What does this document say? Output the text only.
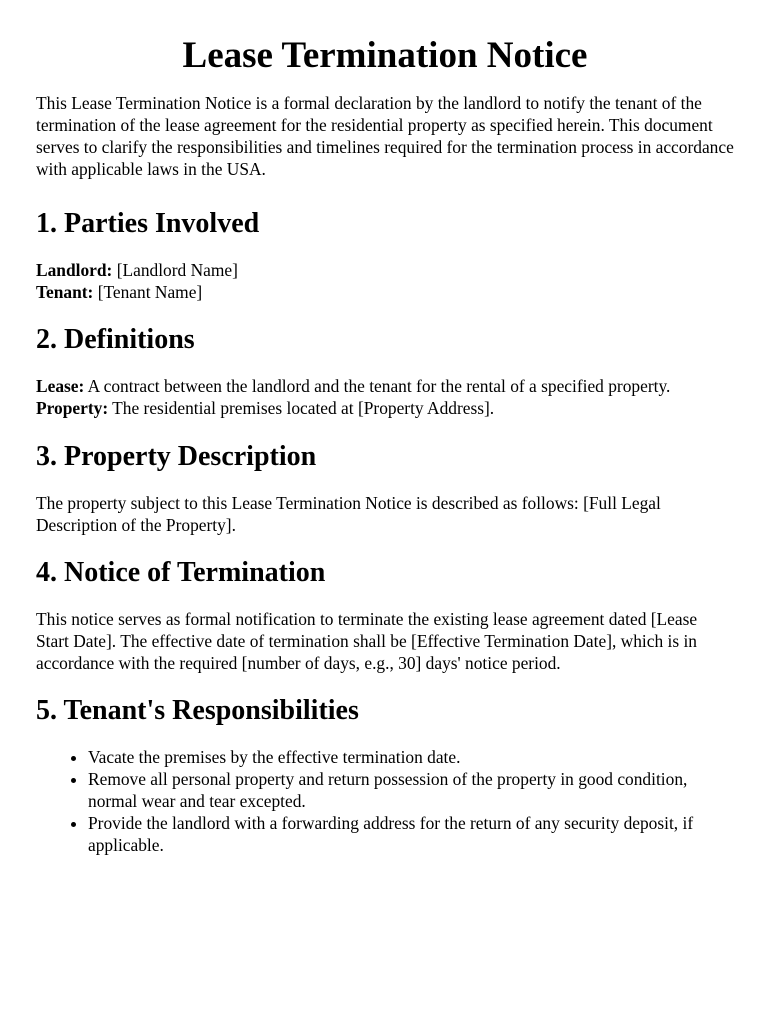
Lease Termination Notice

This Lease Termination Notice is a formal declaration by the landlord to notify the tenant of the termination of the lease agreement for the residential property as specified herein. This document serves to clarify the responsibilities and timelines required for the termination process in accordance with applicable laws in the USA.

1. Parties Involved

Landlord: [Landlord Name]

Tenant: [Tenant Name]

2. Definitions

Lease: A contract between the landlord and the tenant for the rental of a specified property.

Property: The residential premises located at [Property Address].

3. Property Description

The property subject to this Lease Termination Notice is described as follows: [Full Legal Description of the Property].

4. Notice of Termination

This notice serves as formal notification to terminate the existing lease agreement dated [Lease Start Date]. The effective date of termination shall be [Effective Termination Date], which is in accordance with the required [number of days, e.g., 30] days' notice period.

5. Tenant's Responsibilities
• Vacate the premises by the effective termination date.
• Remove all personal property and return possession of the property in good condition, normal wear and tear excepted.
• Provide the landlord with a forwarding address for the return of any security deposit, if applicable.
